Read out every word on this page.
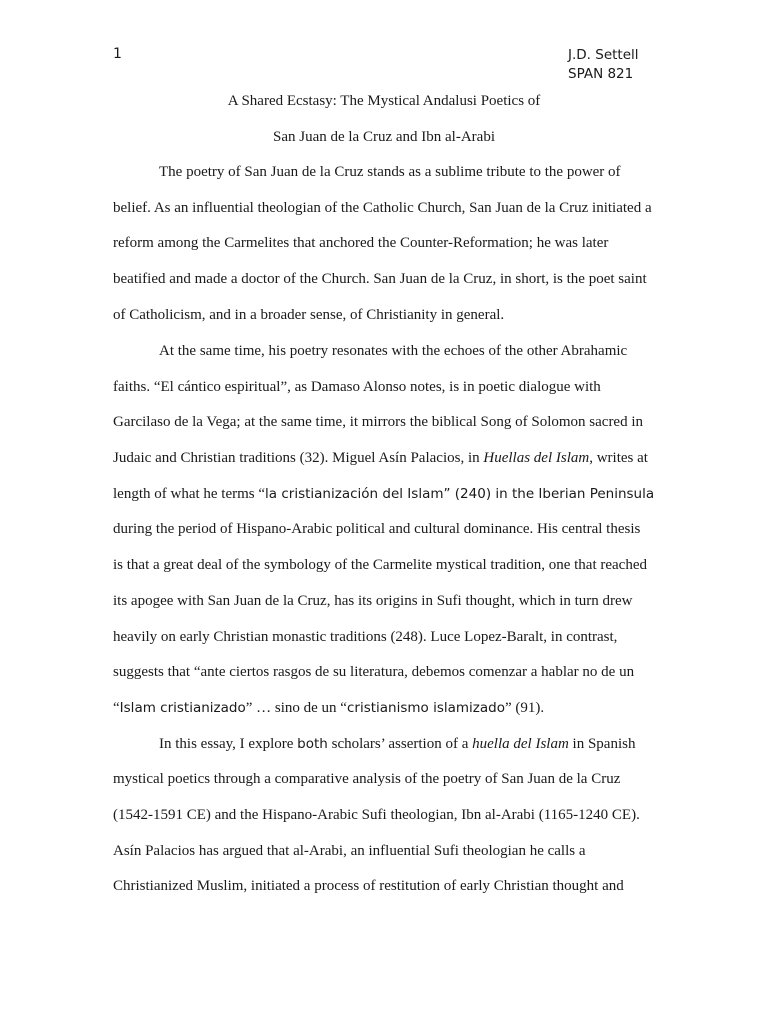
1	J.D. Settell
SPAN 821
A Shared Ecstasy: The Mystical Andalusi Poetics of
San Juan de la Cruz and Ibn al-Arabi
The poetry of San Juan de la Cruz stands as a sublime tribute to the power of
belief. As an influential theologian of the Catholic Church, San Juan de la Cruz initiated a
reform among the Carmelites that anchored the Counter-Reformation; he was later
beatified and made a doctor of the Church. San Juan de la Cruz, in short, is the poet saint
of Catholicism, and in a broader sense, of Christianity in general.
At the same time, his poetry resonates with the echoes of the other Abrahamic
faiths. “El cántico espiritual”, as Damaso Alonso notes, is in poetic dialogue with
Garcilaso de la Vega; at the same time, it mirrors the biblical Song of Solomon sacred in
Judaic and Christian traditions (32). Miguel Asín Palacios, in Huellas del Islam, writes at
length of what he terms “la cristianización del Islam” (240) in the Iberian Peninsula
during the period of Hispano-Arabic political and cultural dominance. His central thesis
is that a great deal of the symbology of the Carmelite mystical tradition, one that reached
its apogee with San Juan de la Cruz, has its origins in Sufi thought, which in turn drew
heavily on early Christian monastic traditions (248). Luce Lopez-Baralt, in contrast,
suggests that “ante ciertos rasgos de su literatura, debemos comenzar a hablar no de un
“Islam cristianizado” … sino de un “cristianismo islamizado” (91).
In this essay, I explore both scholars’ assertion of a huella del Islam in Spanish
mystical poetics through a comparative analysis of the poetry of San Juan de la Cruz
(1542-1591 CE) and the Hispano-Arabic Sufi theologian, Ibn al-Arabi (1165-1240 CE).
Asín Palacios has argued that al-Arabi, an influential Sufi theologian he calls a
Christianized Muslim, initiated a process of restitution of early Christian thought and
